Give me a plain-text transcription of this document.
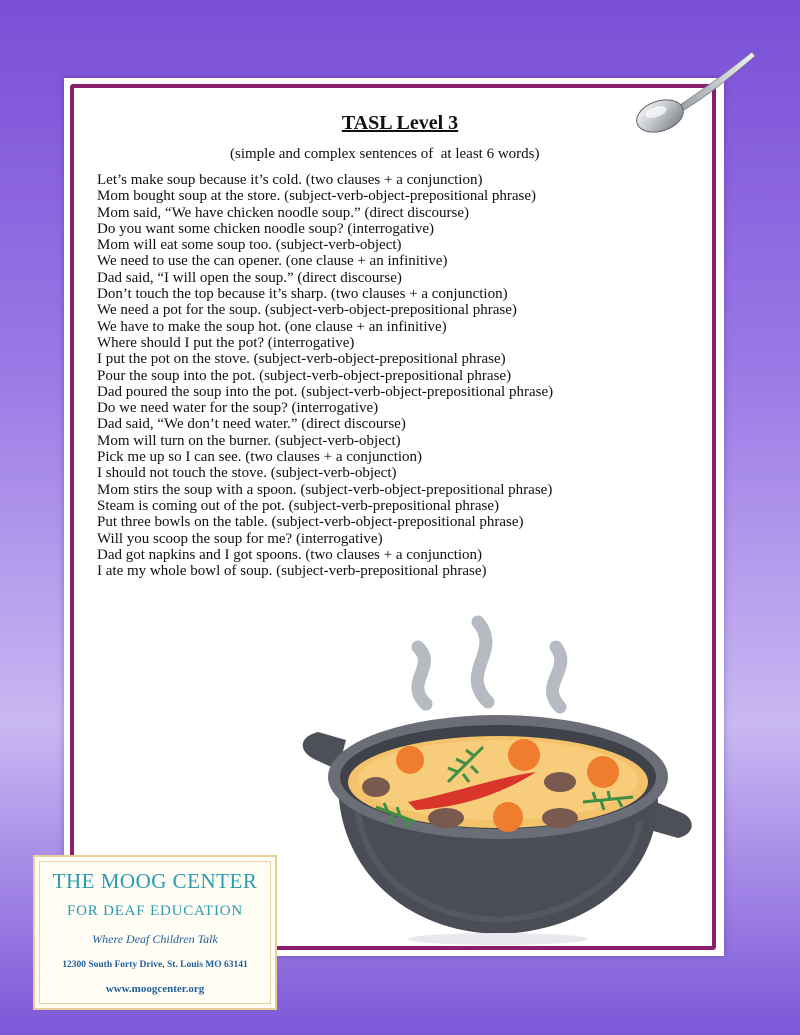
TASL Level 3
(simple and complex sentences of  at least 6 words)
Let’s make soup because it’s cold. (two clauses + a conjunction)
Mom bought soup at the store. (subject-verb-object-prepositional phrase)
Mom said, “We have chicken noodle soup.” (direct discourse)
Do you want some chicken noodle soup? (interrogative)
Mom will eat some soup too. (subject-verb-object)
We need to use the can opener. (one clause + an infinitive)
Dad said, “I will open the soup.” (direct discourse)
Don’t touch the top because it’s sharp. (two clauses + a conjunction)
We need a pot for the soup. (subject-verb-object-prepositional phrase)
We have to make the soup hot. (one clause + an infinitive)
Where should I put the pot? (interrogative)
I put the pot on the stove. (subject-verb-object-prepositional phrase)
Pour the soup into the pot. (subject-verb-object-prepositional phrase)
Dad poured the soup into the pot. (subject-verb-object-prepositional phrase)
Do we need water for the soup? (interrogative)
Dad said, “We don’t need water.” (direct discourse)
Mom will turn on the burner. (subject-verb-object)
Pick me up so I can see. (two clauses + a conjunction)
I should not touch the stove. (subject-verb-object)
Mom stirs the soup with a spoon. (subject-verb-object-prepositional phrase)
Steam is coming out of the pot. (subject-verb-prepositional phrase)
Put three bowls on the table. (subject-verb-object-prepositional phrase)
Will you scoop the soup for me? (interrogative)
Dad got napkins and I got spoons. (two clauses + a conjunction)
I ate my whole bowl of soup. (subject-verb-prepositional phrase)
THE MOOG CENTER
FOR DEAF EDUCATION
Where Deaf Children Talk
12300 South Forty Drive, St. Louis MO 63141
www.moogcenter.org
